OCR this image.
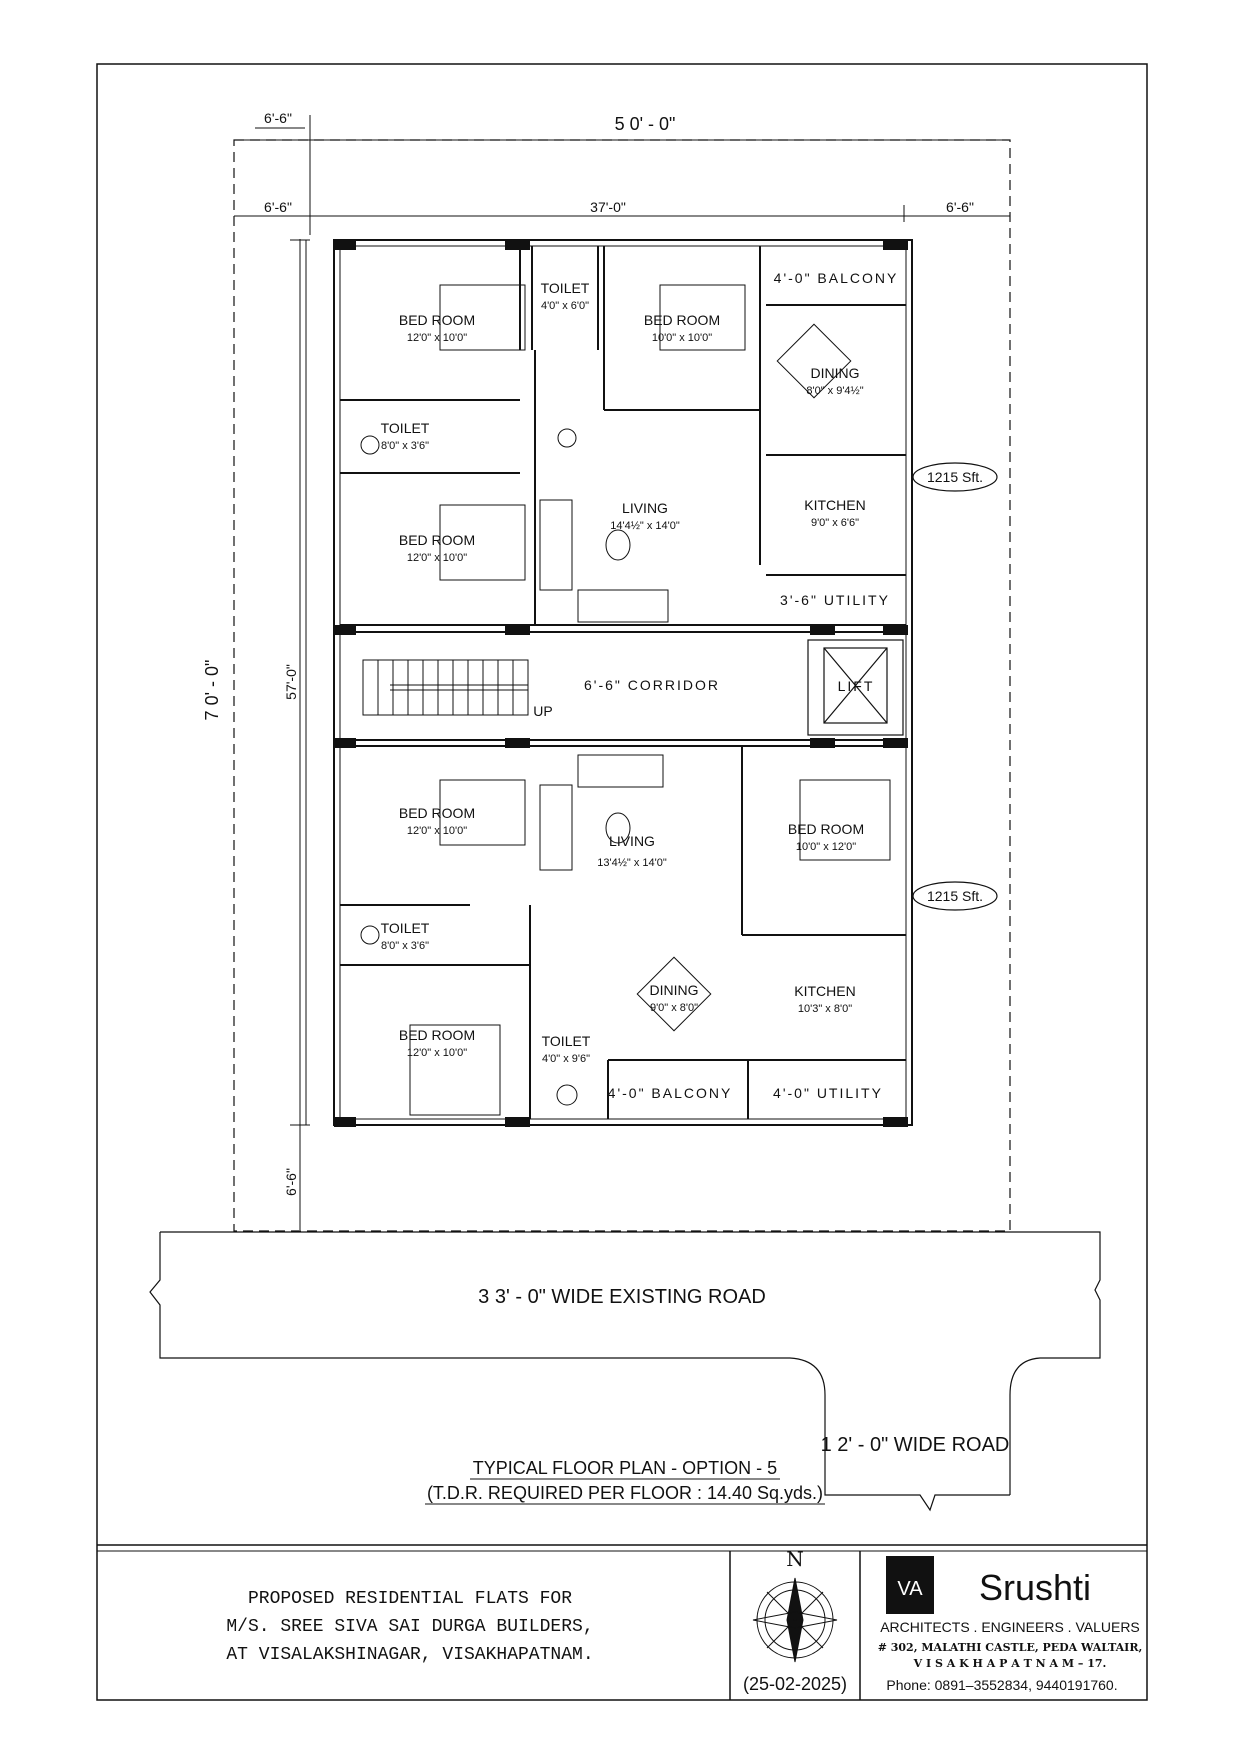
5 0' - 0"
6'-6"
6'-6"	37'-0"	6'-6"
7 0' - 0"	57'-0"
6'-6"
BED ROOM
12'0" x 10'0"
TOILET
4'0" x 6'0"
BED ROOM
10'0" x 10'0"
4'-0" BALCONY
DINING
8'0" x 9'4½"
TOILET
8'0" x 3'6"
LIVING
14'4½" x 14'0"
KITCHEN
9'0" x 6'6"
BED ROOM
12'0" x 10'0"
3'-6" UTILITY
1215 Sft.
1215 Sft.
6'-6" CORRIDOR
UP
LIFT
BED ROOM
12'0" x 10'0"
LIVING
13'4½" x 14'0"
BED ROOM
10'0" x 12'0"
TOILET
8'0" x 3'6"
DINING
9'0" x 8'0"
KITCHEN
10'3" x 8'0"
BED ROOM
12'0" x 10'0"
TOILET
4'0" x 9'6"
4'-0" BALCONY	4'-0" UTILITY
3 3' - 0" WIDE EXISTING ROAD
1 2' - 0" WIDE ROAD
TYPICAL FLOOR PLAN - OPTION - 5
(T.D.R. REQUIRED PER FLOOR : 14.40 Sq.yds.)
PROPOSED RESIDENTIAL FLATS FOR
M/S. SREE SIVA SAI DURGA BUILDERS,
AT VISALAKSHINAGAR, VISAKHAPATNAM.
N
(25-02-2025)
VA Srushti
ARCHITECTS . ENGINEERS . VALUERS
# 302, MALATHI CASTLE, PEDA WALTAIR,
V I S A K H A P A T N A M – 17.
Phone: 0891–3552834, 9440191760.
